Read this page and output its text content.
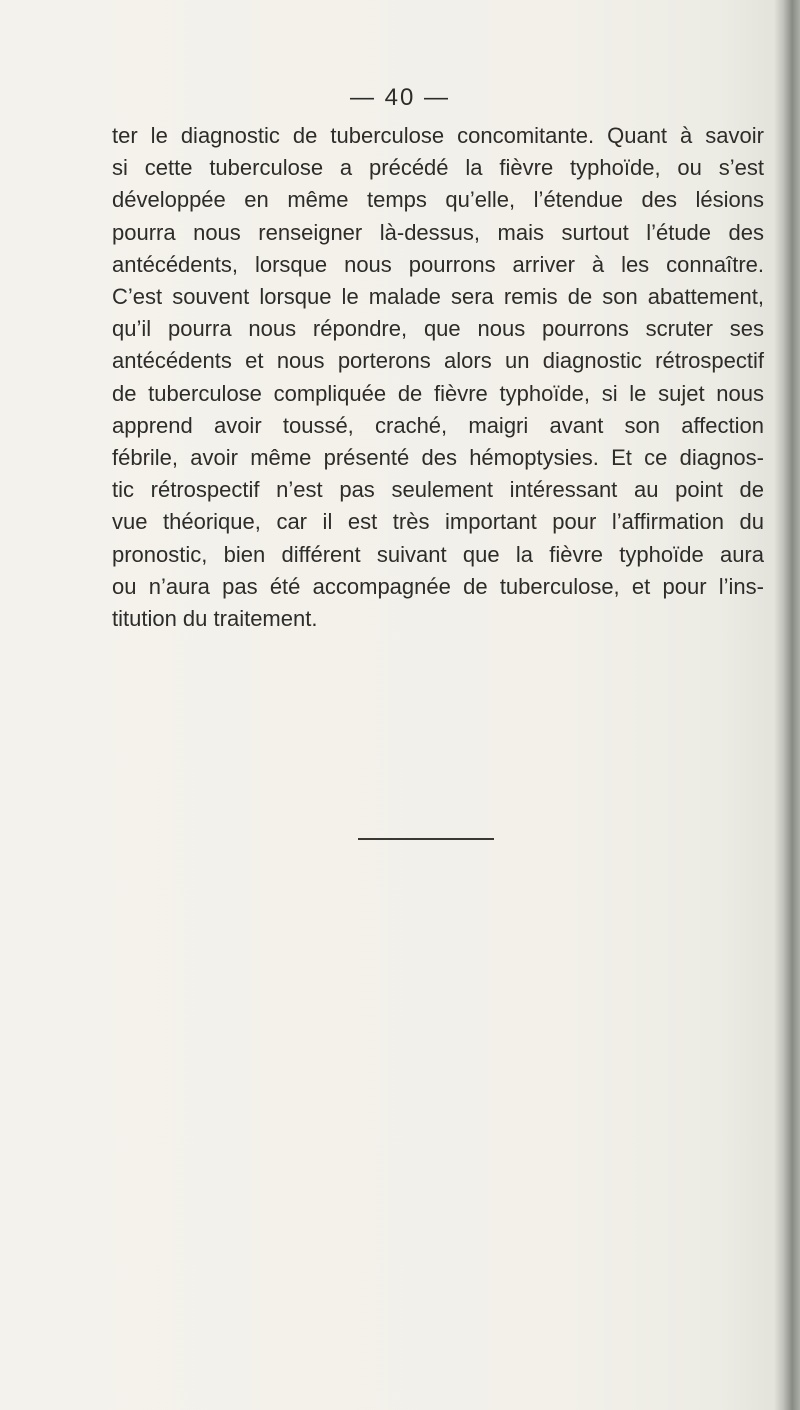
— 40 —
ter le diagnostic de tuberculose concomitante. Quant à savoir
si cette tuberculose a précédé la fièvre typhoïde, ou s’est
développée en même temps qu’elle, l’étendue des lésions
pourra nous renseigner là-dessus, mais surtout l’étude des
antécédents, lorsque nous pourrons arriver à les connaître.
C’est souvent lorsque le malade sera remis de son abattement,
qu’il pourra nous répondre, que nous pourrons scruter ses
antécédents et nous porterons alors un diagnostic rétrospectif
de tuberculose compliquée de fièvre typhoïde, si le sujet nous
apprend avoir toussé, craché, maigri avant son affection
fébrile, avoir même présenté des hémoptysies. Et ce diagnos-
tic rétrospectif n’est pas seulement intéressant au point de
vue théorique, car il est très important pour l’affirmation du
pronostic, bien différent suivant que la fièvre typhoïde aura
ou n’aura pas été accompagnée de tuberculose, et pour l’ins-
titution du traitement.
